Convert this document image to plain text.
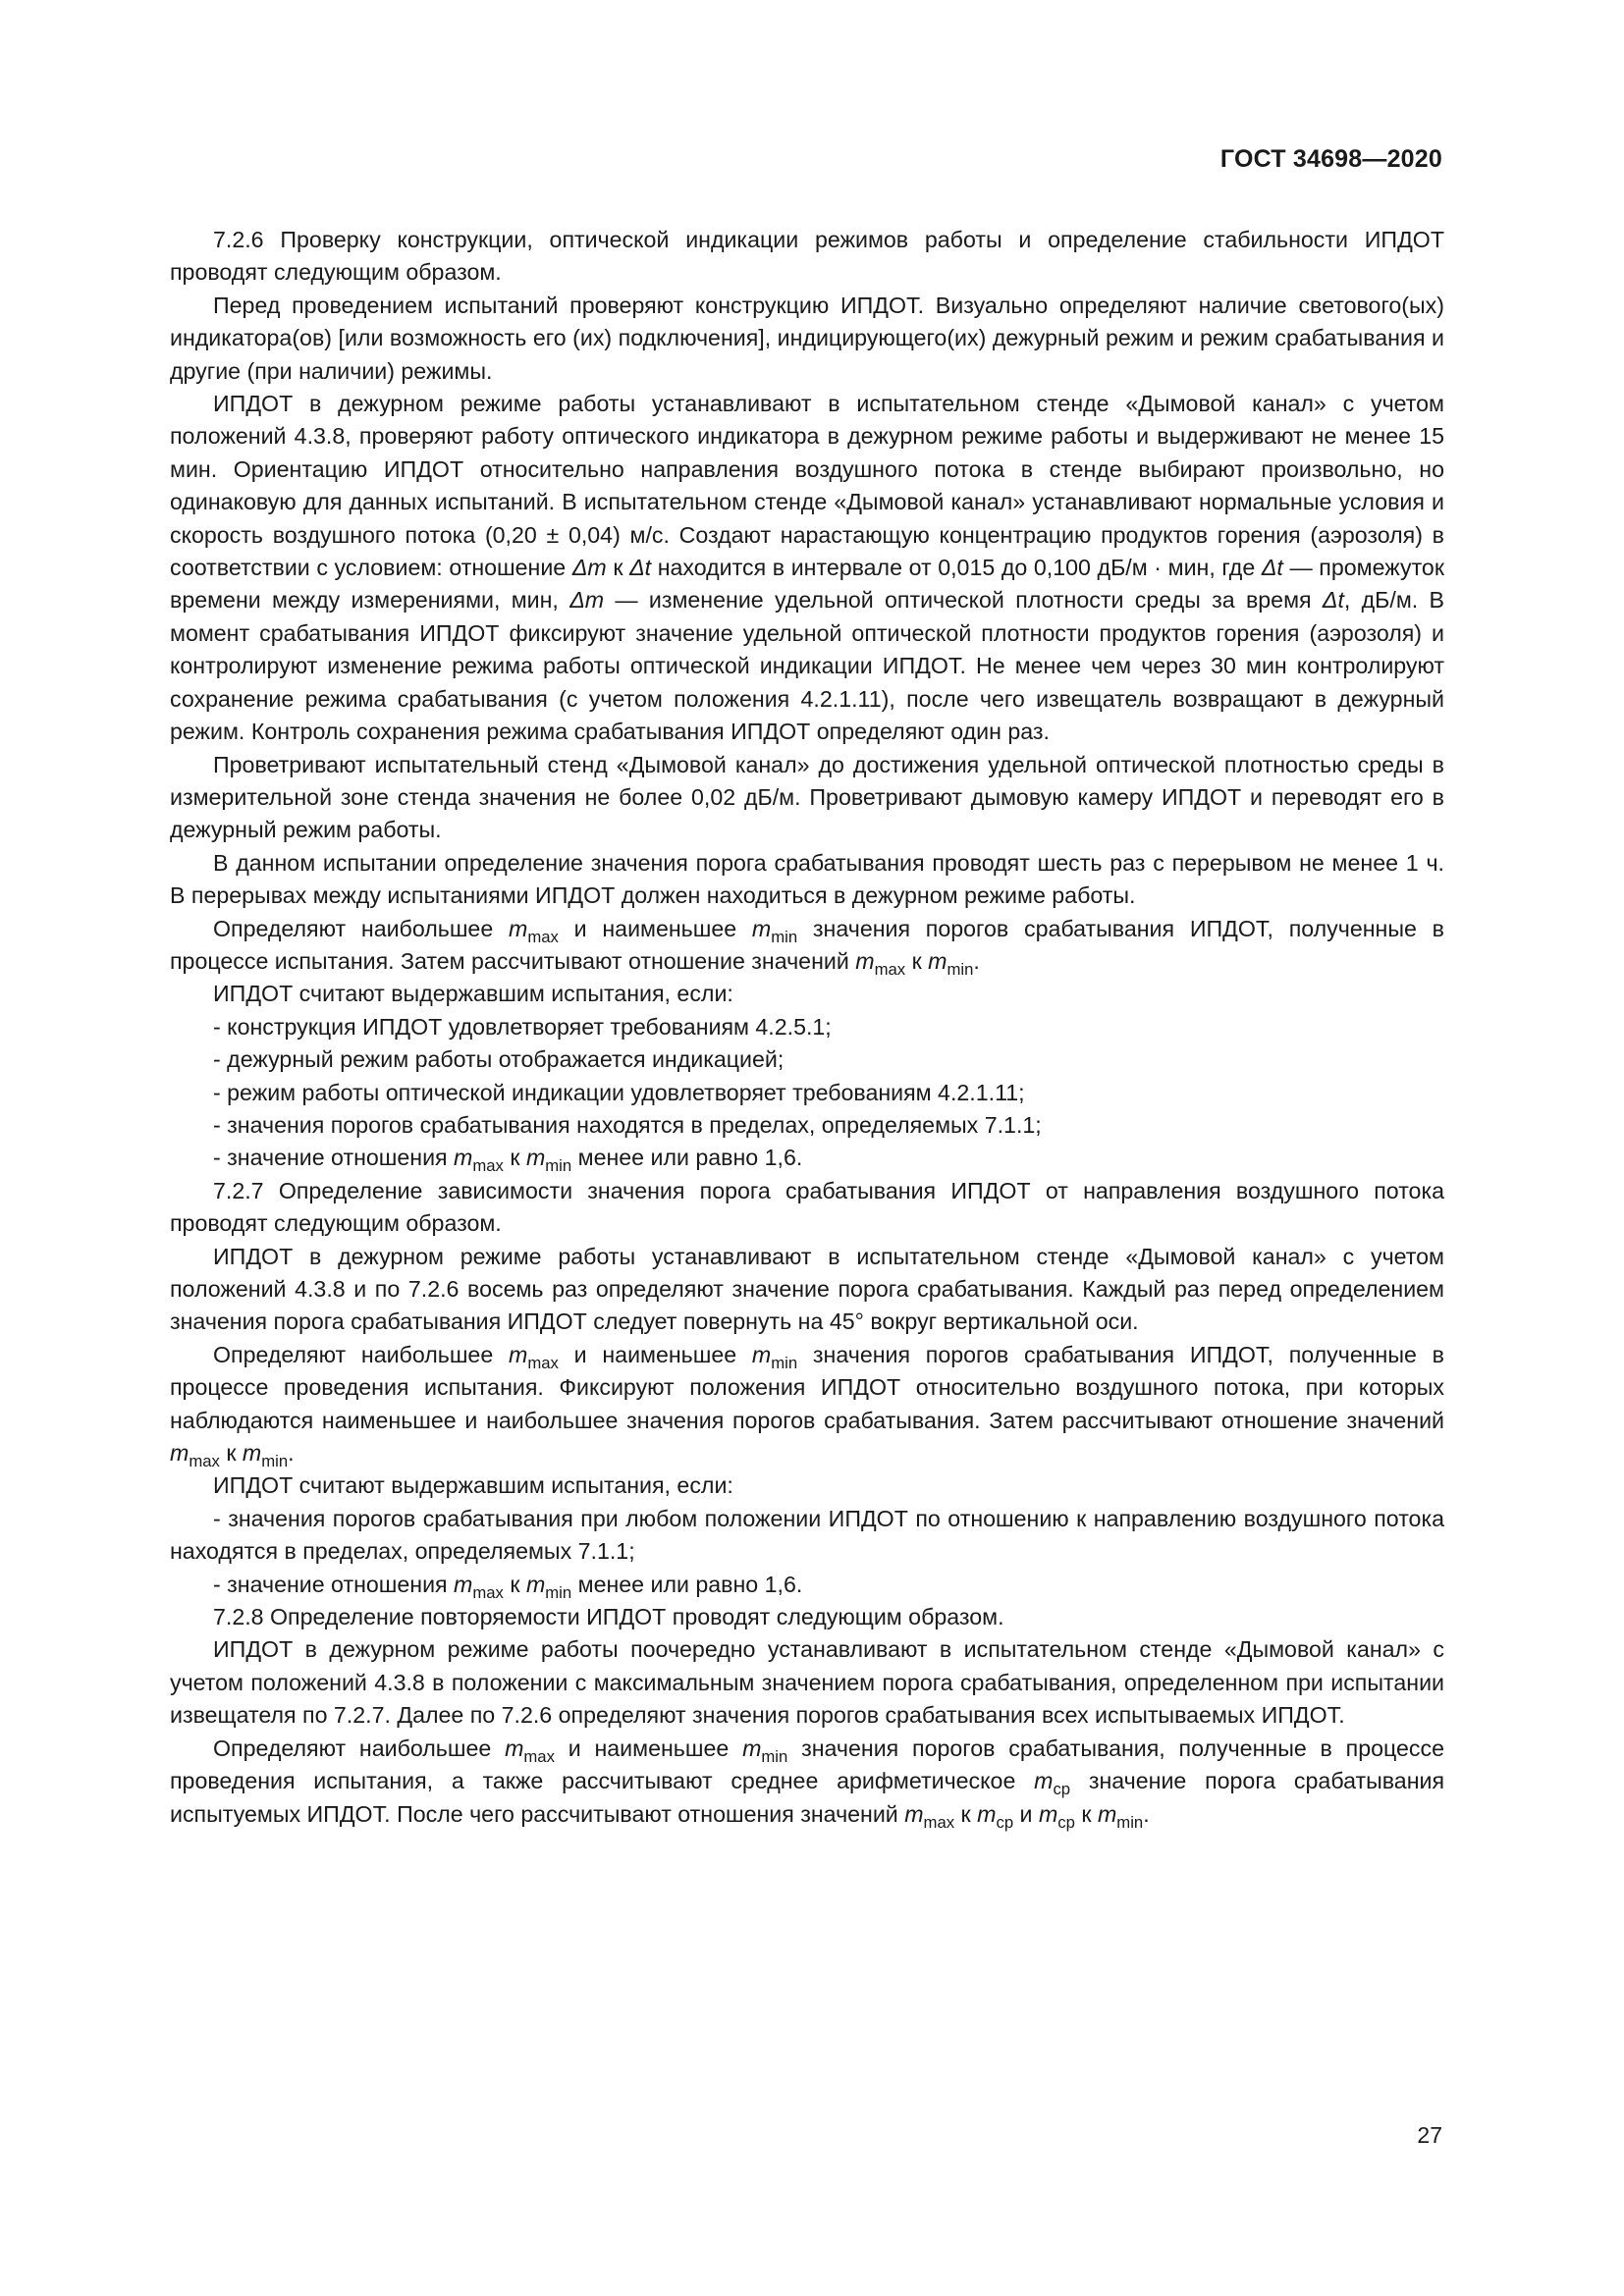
ГОСТ 34698—2020

7.2.6 Проверку конструкции, оптической индикации режимов работы и определение стабильности ИПДОТ проводят следующим образом.

Перед проведением испытаний проверяют конструкцию ИПДОТ. Визуально определяют наличие светового(ых) индикатора(ов) [или возможность его (их) подключения], индицирующего(их) дежурный режим и режим срабатывания и другие (при наличии) режимы.

ИПДОТ в дежурном режиме работы устанавливают в испытательном стенде «Дымовой канал» с учетом положений 4.3.8, проверяют работу оптического индикатора в дежурном режиме работы и выдерживают не менее 15 мин. Ориентацию ИПДОТ относительно направления воздушного потока в стенде выбирают произвольно, но одинаковую для данных испытаний. В испытательном стенде «Дымовой канал» устанавливают нормальные условия и скорость воздушного потока (0,20 ± 0,04) м/с. Создают нарастающую концентрацию продуктов горения (аэрозоля) в соответствии с условием: отношение Δm к Δt находится в интервале от 0,015 до 0,100 дБ/м · мин, где Δt — промежуток времени между измерениями, мин, Δm — изменение удельной оптической плотности среды за время Δt, дБ/м. В момент срабатывания ИПДОТ фиксируют значение удельной оптической плотности продуктов горения (аэрозоля) и контролируют изменение режима работы оптической индикации ИПДОТ. Не менее чем через 30 мин контролируют сохранение режима срабатывания (с учетом положения 4.2.1.11), после чего извещатель возвращают в дежурный режим. Контроль сохранения режима срабатывания ИПДОТ определяют один раз.

Проветривают испытательный стенд «Дымовой канал» до достижения удельной оптической плотностью среды в измерительной зоне стенда значения не более 0,02 дБ/м. Проветривают дымовую камеру ИПДОТ и переводят его в дежурный режим работы.

В данном испытании определение значения порога срабатывания проводят шесть раз с перерывом не менее 1 ч. В перерывах между испытаниями ИПДОТ должен находиться в дежурном режиме работы.

Определяют наибольшее $m_{max}$ и наименьшее $m_{min}$ значения порогов срабатывания ИПДОТ, полученные в процессе испытания. Затем рассчитывают отношение значений $m_{max}$ к $m_{min}$.

ИПДОТ считают выдержавшим испытания, если:

- конструкция ИПДОТ удовлетворяет требованиям 4.2.5.1;

- дежурный режим работы отображается индикацией;

- режим работы оптической индикации удовлетворяет требованиям 4.2.1.11;

- значения порогов срабатывания находятся в пределах, определяемых 7.1.1;

- значение отношения $m_{max}$ к $m_{min}$ менее или равно 1,6.

7.2.7 Определение зависимости значения порога срабатывания ИПДОТ от направления воздушного потока проводят следующим образом.

ИПДОТ в дежурном режиме работы устанавливают в испытательном стенде «Дымовой канал» с учетом положений 4.3.8 и по 7.2.6 восемь раз определяют значение порога срабатывания. Каждый раз перед определением значения порога срабатывания ИПДОТ следует повернуть на 45° вокруг вертикальной оси.

Определяют наибольшее $m_{max}$ и наименьшее $m_{min}$ значения порогов срабатывания ИПДОТ, полученные в процессе проведения испытания. Фиксируют положения ИПДОТ относительно воздушного потока, при которых наблюдаются наименьшее и наибольшее значения порогов срабатывания. Затем рассчитывают отношение значений $m_{max}$ к $m_{min}$.

ИПДОТ считают выдержавшим испытания, если:

- значения порогов срабатывания при любом положении ИПДОТ по отношению к направлению воздушного потока находятся в пределах, определяемых 7.1.1;

- значение отношения $m_{max}$ к $m_{min}$ менее или равно 1,6.

7.2.8 Определение повторяемости ИПДОТ проводят следующим образом.

ИПДОТ в дежурном режиме работы поочередно устанавливают в испытательном стенде «Дымовой канал» с учетом положений 4.3.8 в положении с максимальным значением порога срабатывания, определенном при испытании извещателя по 7.2.7. Далее по 7.2.6 определяют значения порогов срабатывания всех испытываемых ИПДОТ.

Определяют наибольшее $m_{max}$ и наименьшее $m_{min}$ значения порогов срабатывания, полученные в процессе проведения испытания, а также рассчитывают среднее арифметическое $m_{ср}$ значение порога срабатывания испытуемых ИПДОТ. После чего рассчитывают отношения значений $m_{max}$ к $m_{ср}$ и $m_{ср}$ к $m_{min}$.

27
